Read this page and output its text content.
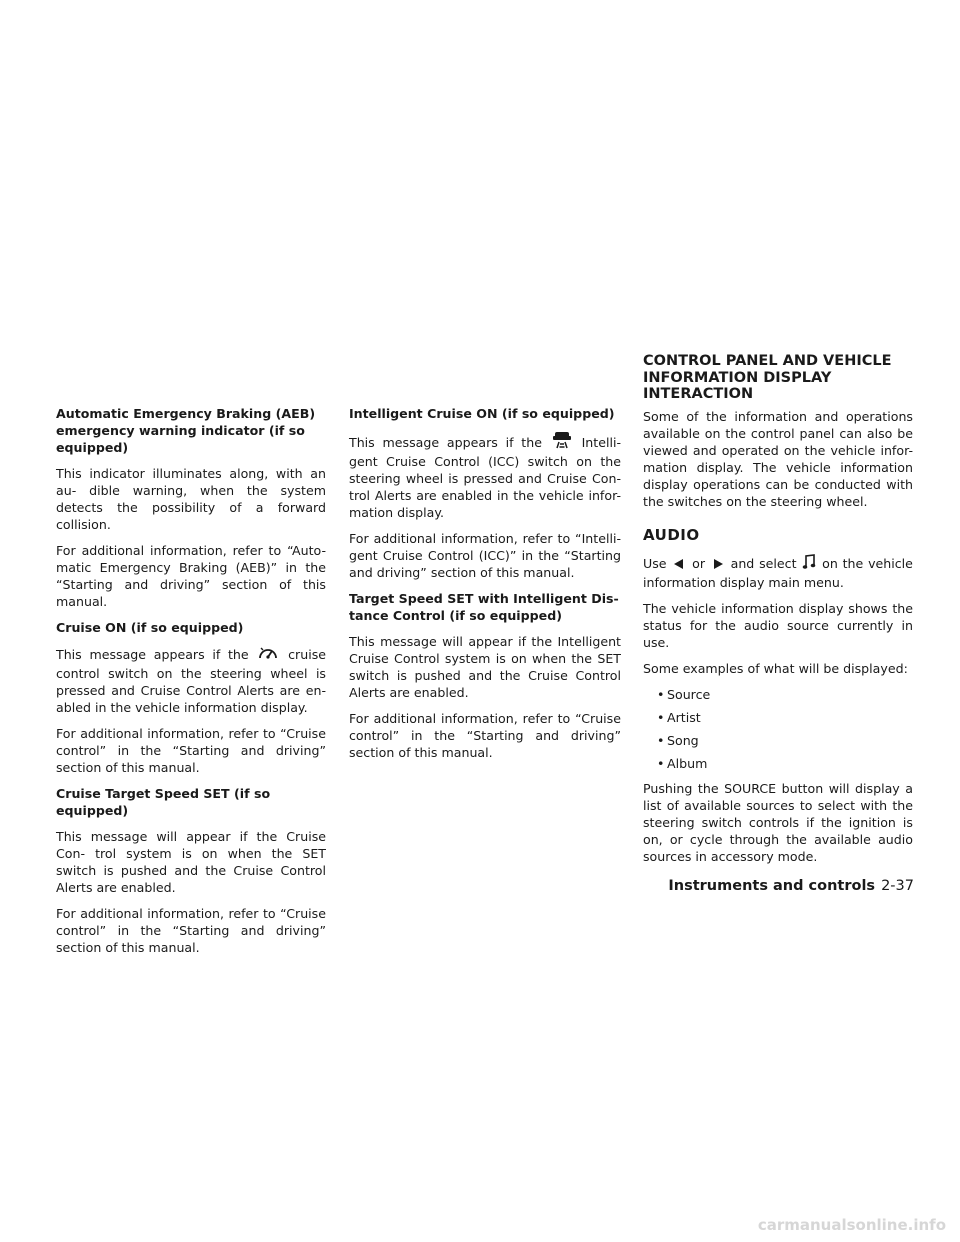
Automatic Emergency Braking (AEB) emergency warning indicator (if so equipped)

This indicator illuminates along, with an au- dible warning, when the system detects the possibility of a forward collision.

For additional information, refer to “Auto- matic Emergency Braking (AEB)” in the “Starting and driving” section of this manual.

Cruise ON (if so equipped)

This message appears if the	cruise control switch on the steering wheel is pressed and Cruise Control Alerts are en- abled in the vehicle information display.

For additional information, refer to “Cruise control” in the “Starting and driving” section of this manual.

Cruise Target Speed SET (if so equipped)

This message will appear if the Cruise Con- trol system is on when the SET switch is pushed and the Cruise Control Alerts are enabled.

For additional information, refer to “Cruise control” in the “Starting and driving” section of this manual.

Intelligent Cruise ON (if so equipped)

This message appears if the	Intelli- gent Cruise Control (ICC) switch on the steering wheel is pressed and Cruise Con- trol Alerts are enabled in the vehicle infor- mation display.

For additional information, refer to “Intelli- gent Cruise Control (ICC)” in the “Starting and driving” section of this manual.

Target Speed SET with Intelligent Dis- tance Control (if so equipped)

This message will appear if the Intelligent Cruise Control system is on when the SET switch is pushed and the Cruise Control Alerts are enabled.

For additional information, refer to “Cruise control” in the “Starting and driving” section of this manual.

CONTROL PANEL AND VEHICLE INFORMATION DISPLAY INTERACTION

Some of the information and operations available on the control panel can also be viewed and operated on the vehicle infor- mation display. The vehicle information display operations can be conducted with the switches on the steering wheel.

AUDIO

Use or and select on the vehicle information display main menu.

The vehicle information display shows the status for the audio source currently in use.

Some examples of what will be displayed:

• Source
• Artist
• Song
• Album

Pushing the SOURCE button will display a list of available sources to select with the steering switch controls if the ignition is on, or cycle through the available audio sources in accessory mode.

Instruments and controls 2-37
carmanualsonline.info
